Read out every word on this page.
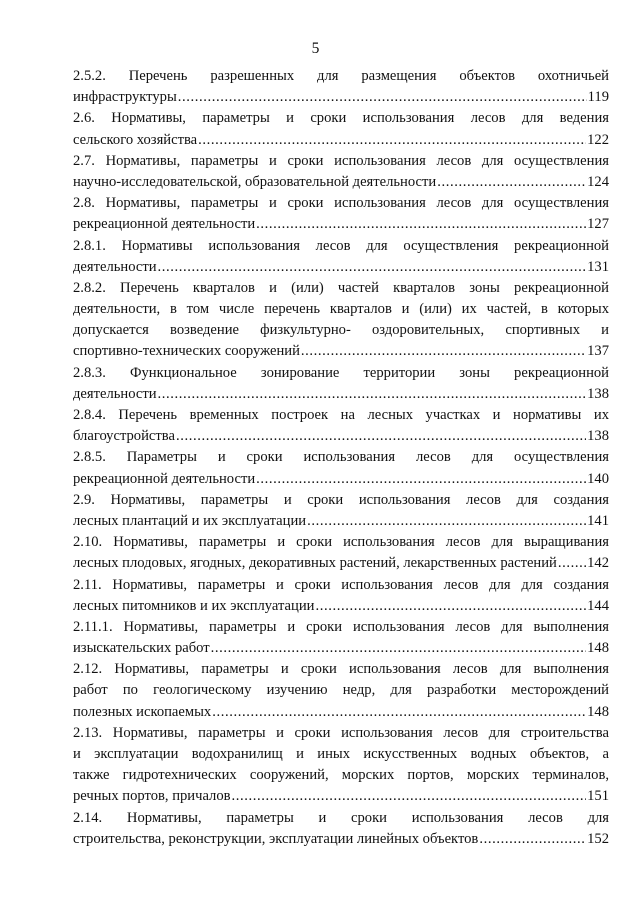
5
2.5.2. Перечень разрешенных для размещения объектов охотничьей
инфраструктуры .....	119
2.6. Нормативы, параметры и сроки использования лесов для ведения
сельского хозяйства .....	122
2.7. Нормативы, параметры и сроки использования лесов для осуществления
научно-исследовательской, образовательной деятельности .....	124
2.8. Нормативы, параметры и сроки использования лесов для осуществления
рекреационной деятельности .....	127
2.8.1. Нормативы использования лесов для осуществления рекреационной
деятельности .....	131
2.8.2. Перечень кварталов и (или) частей кварталов зоны рекреационной
деятельности, в том числе перечень кварталов и (или) их частей, в которых
допускается возведение физкультурно- оздоровительных, спортивных и
спортивно-технических сооружений .....	137
2.8.3. Функциональное зонирование территории зоны рекреационной
деятельности .....	138
2.8.4. Перечень временных построек на лесных участках и нормативы их
благоустройства .....	138
2.8.5. Параметры и сроки использования лесов для осуществления
рекреационной деятельности .....	140
2.9. Нормативы, параметры и сроки использования лесов для создания
лесных плантаций и их эксплуатации .....	141
2.10. Нормативы, параметры и сроки использования лесов для выращивания
лесных плодовых, ягодных, декоративных растений, лекарственных растений ..... 142
2.11. Нормативы, параметры и сроки использования лесов для для создания
лесных питомников и их эксплуатации .....	144
2.11.1. Нормативы, параметры и сроки использования лесов для выполнения
изыскательских работ .....	148
2.12. Нормативы, параметры и сроки использования лесов для выполнения
работ по геологическому изучению недр, для разработки месторождений
полезных ископаемых .....	148
2.13. Нормативы, параметры и сроки использования лесов для строительства
и эксплуатации водохранилищ и иных искусственных водных объектов, а
также гидротехнических сооружений, морских портов, морских терминалов,
речных портов, причалов .....	151
2.14. Нормативы, параметры и сроки использования лесов для
строительства, реконструкции, эксплуатации линейных объектов .....	152
